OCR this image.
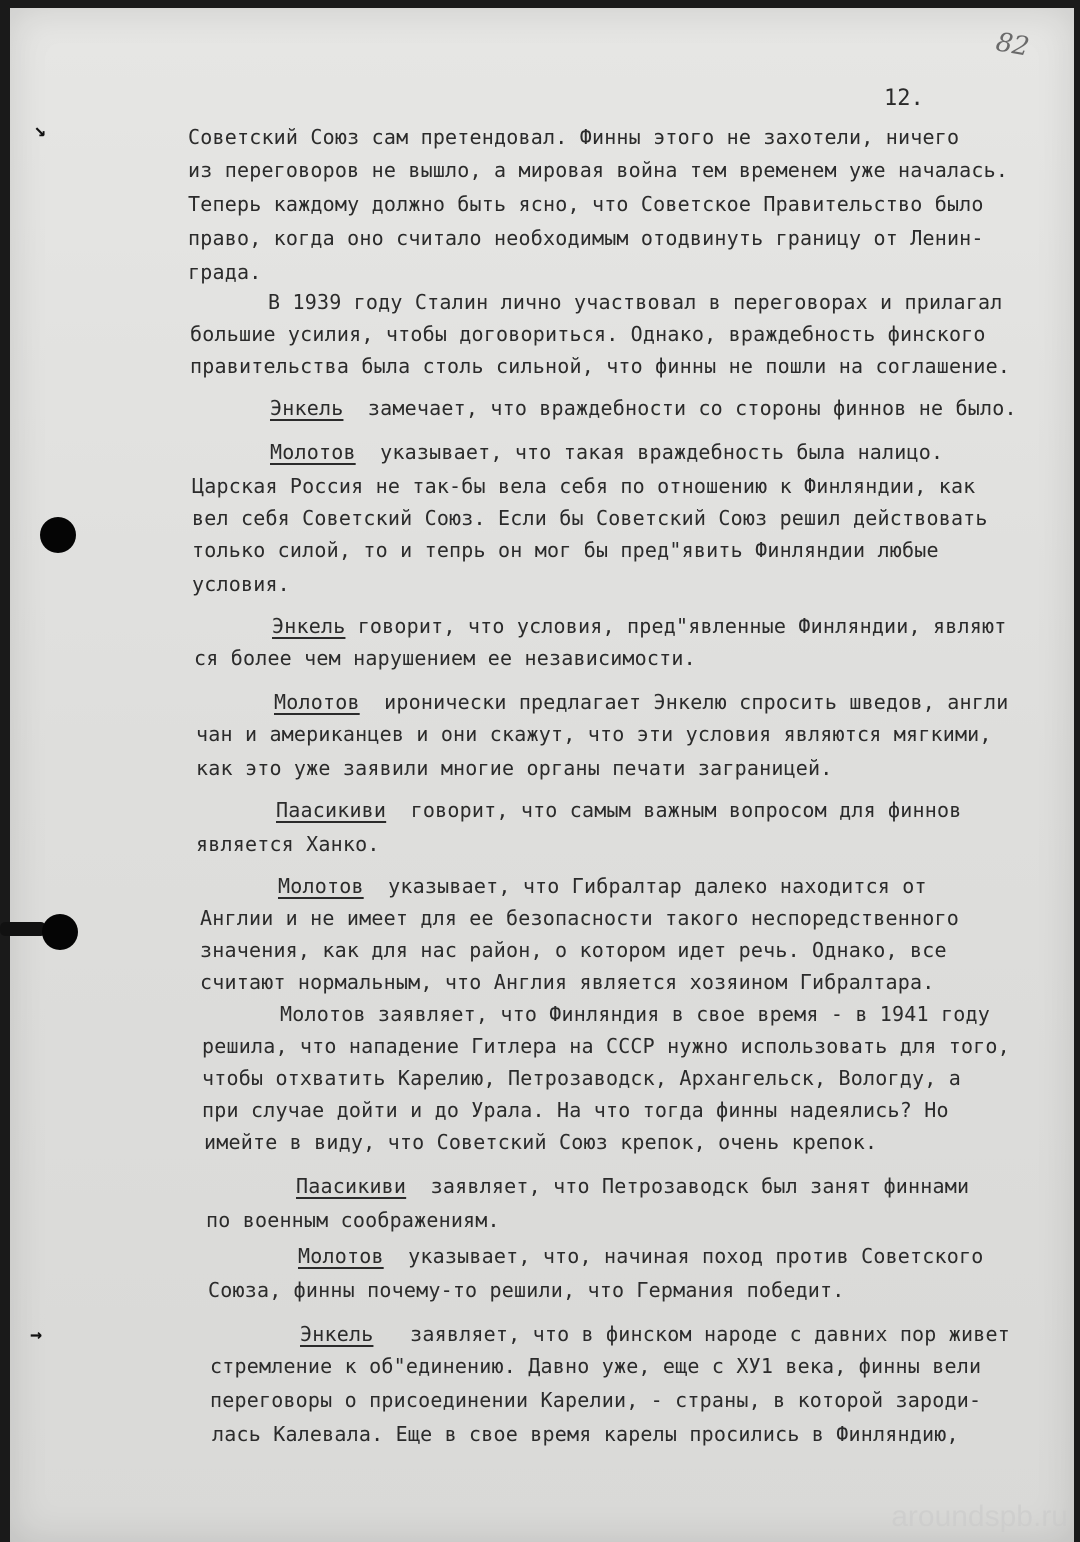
↘
→
82
12.
Советский Союз сам претендовал. Финны этого не захотели, ничего
из переговоров не вышло, а мировая война тем временем уже началась.
Теперь каждому должно быть ясно, что Советское Правительство было
право, когда оно считало необходимым отодвинуть границу от Ленин-
града.
В 1939 году Сталин лично участвовал в переговорах и прилагал
большие усилия, чтобы договориться. Однако, враждебность финского
правительства была столь сильной, что финны не пошли на соглашение.
Энкель  замечает, что враждебности со стороны финнов не было.
Молотов  указывает, что такая враждебность была налицо.
Царская Россия не так-бы вела себя по отношению к Финляндии, как
вел себя Советский Союз. Если бы Советский Союз решил действовать
только силой, то и тепрь он мог бы пред"явить Финляндии любые
условия.
Энкель говорит, что условия, пред"явленные Финляндии, являют
ся более чем нарушением ее независимости.
Молотов  иронически предлагает Энкелю спросить шведов, англи
чан и американцев и они скажут, что эти условия являются мягкими,
как это уже заявили многие органы печати заграницей.
Паасикиви  говорит, что самым важным вопросом для финнов
является Ханко.
Молотов  указывает, что Гибралтар далеко находится от
Англии и не имеет для ее безопасности такого неспоредственного
значения, как для нас район, о котором идет речь. Однако, все
считают нормальным, что Англия является хозяином Гибралтара.
Молотов заявляет, что Финляндия в свое время - в 1941 году
решила, что нападение Гитлера на СССР нужно использовать для того,
чтобы отхватить Карелию, Петрозаводск, Архангельск, Вологду, а
при случае дойти и до Урала. На что тогда финны надеялись? Но
имейте в виду, что Советский Союз крепок, очень крепок.
Паасикиви  заявляет, что Петрозаводск был занят финнами
по военным соображениям.
Молотов  указывает, что, начиная поход против Советского
Союза, финны почему-то решили, что Германия победит.
Энкель   заявляет, что в финском народе с давних пор живет
стремление к об"единению. Давно уже, еще с ХУ1 века, финны вели
переговоры о присоединении Карелии, - страны, в которой зароди-
лась Калевала. Еще в свое время карелы просились в Финляндию,
aroundspb.ru
